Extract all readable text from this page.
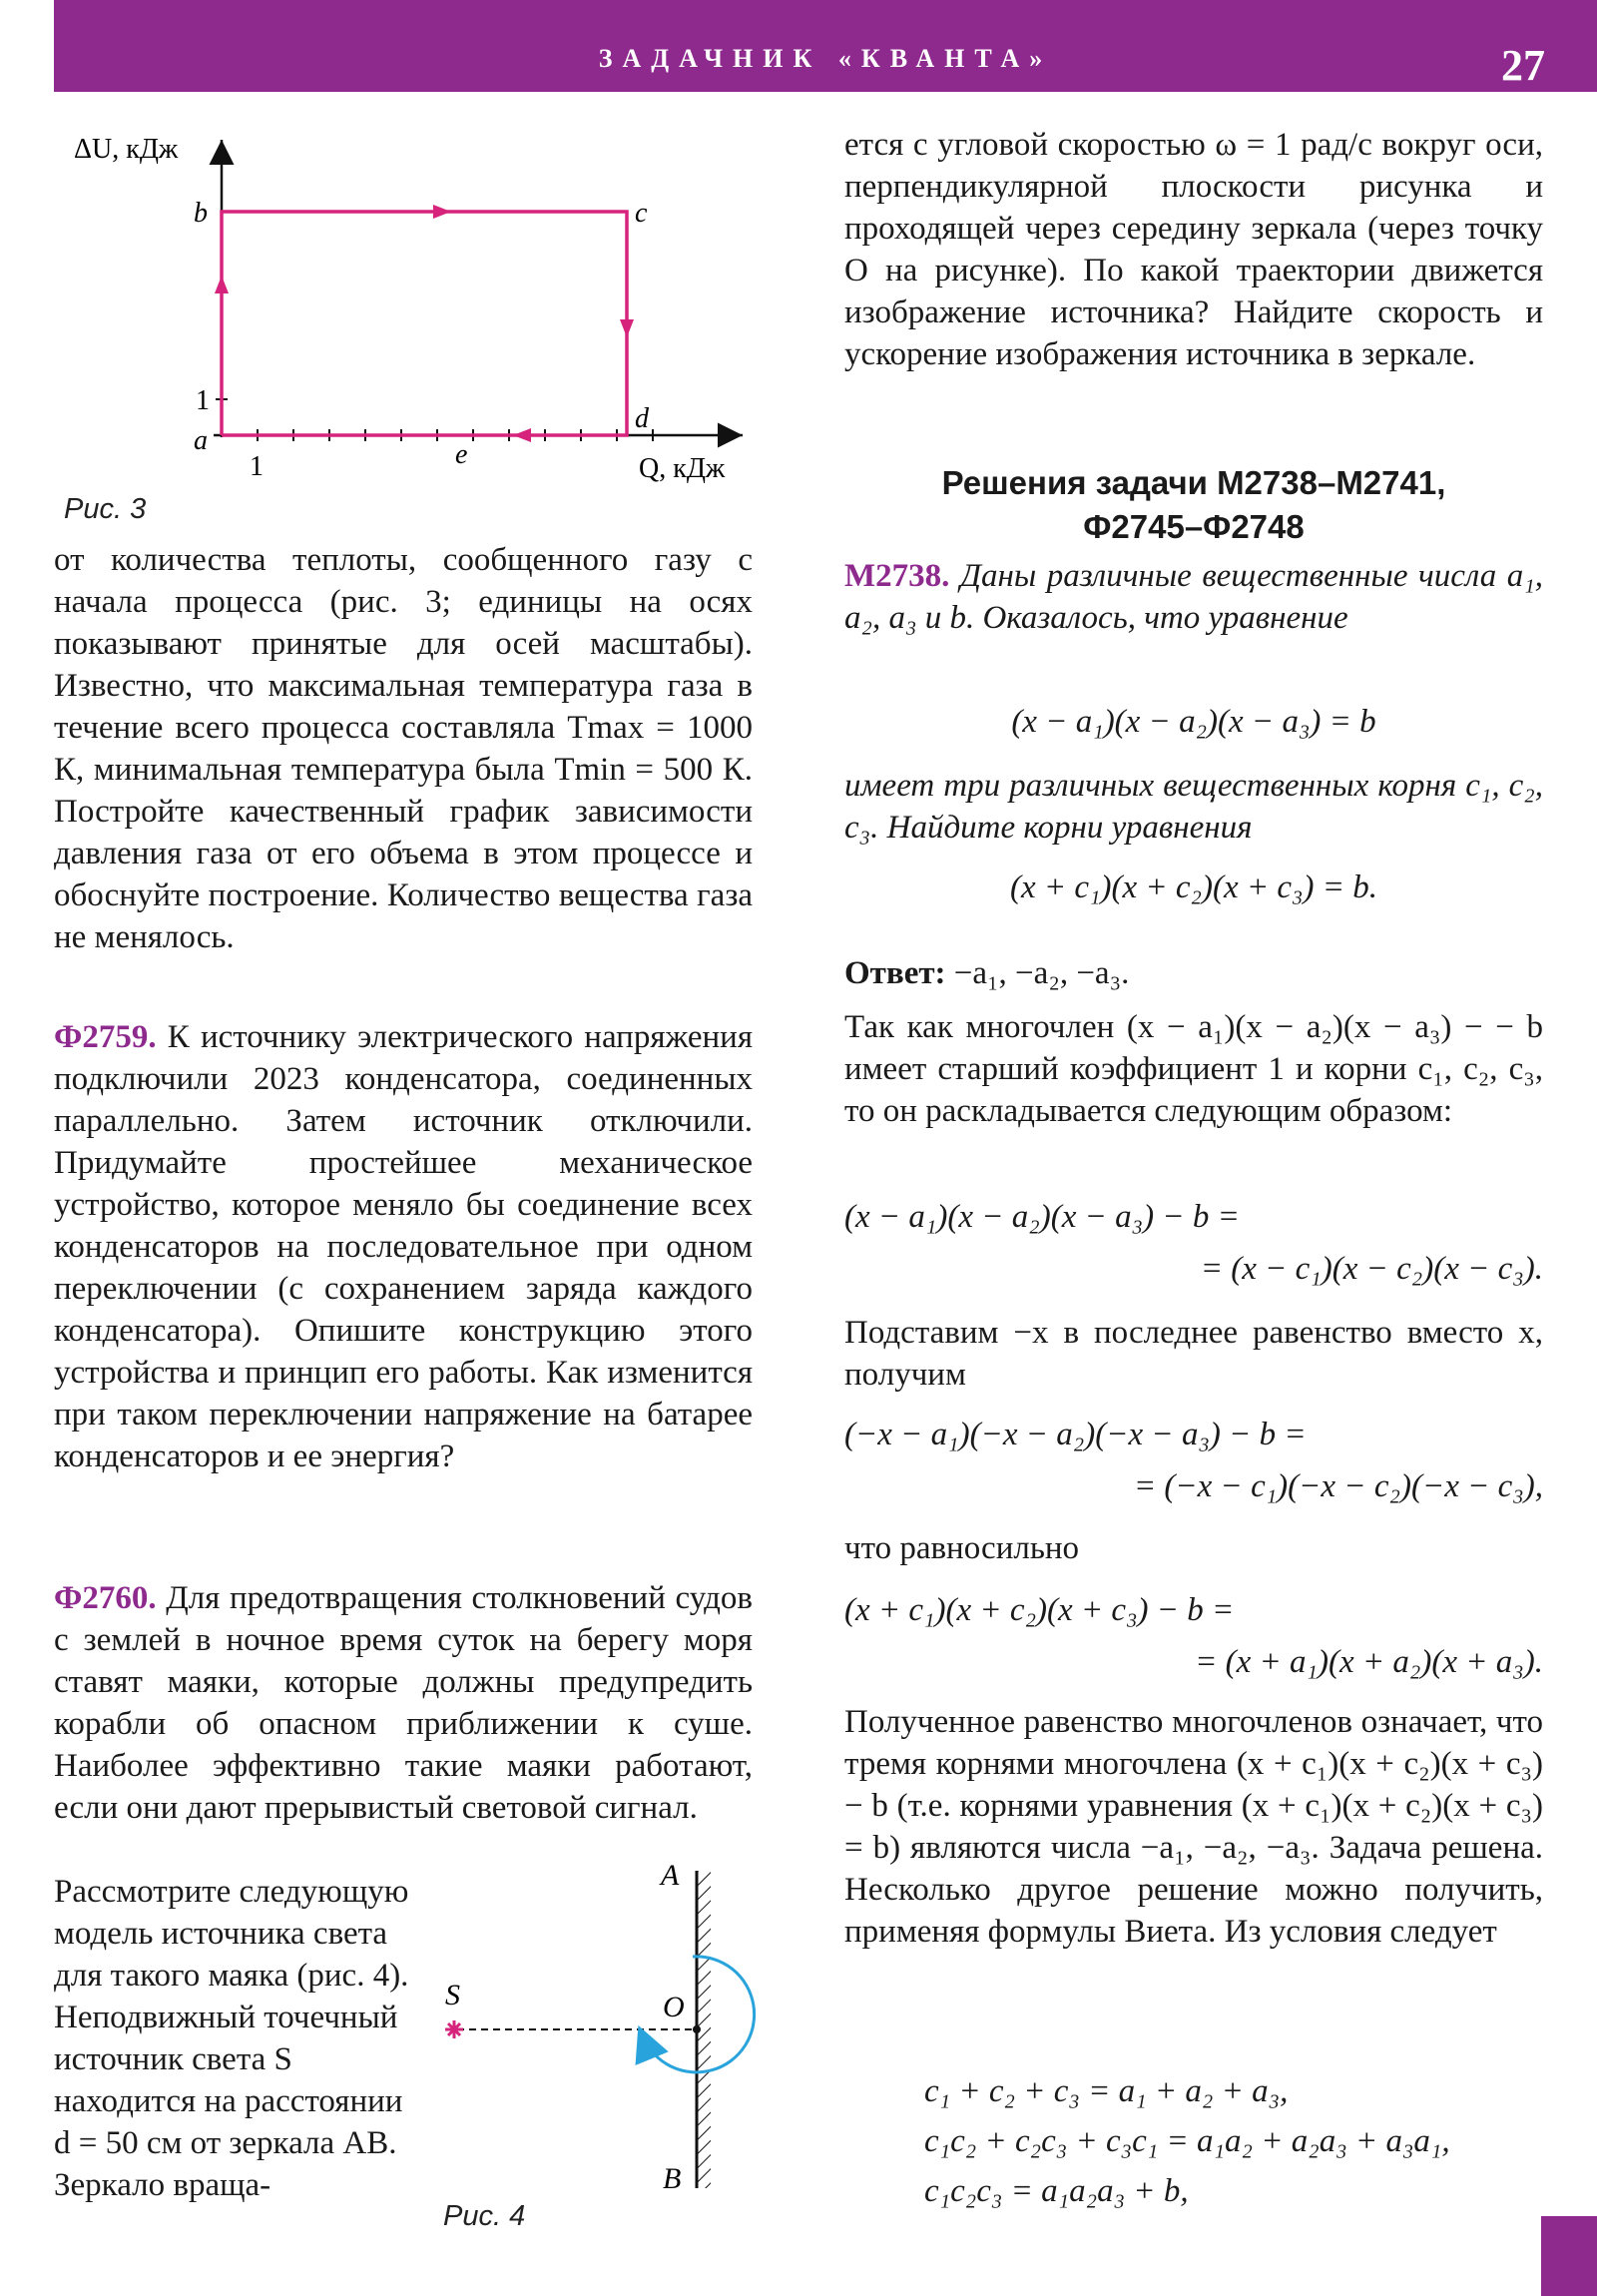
ЗАДАЧНИК «КВАНТА»	27
ΔU, кДж
Q, кДж
b	c
d
a	e
1
1

Рис. 3

от количества теплоты, сообщенного газу с начала процесса (рис. 3; единицы на осях показывают принятые для осей масштабы). Известно, что максимальная температура газа в течение всего процесса составляла Tmax = 1000 К, минимальная температура была Tmin = 500 К. Постройте качественный график зависимости давления газа от его объема в этом процессе и обоснуйте построение. Количество вещества газа не менялось.

Ф2759. К источнику электрического напряжения подключили 2023 конденсатора, соединенных параллельно. Затем источник отключили. Придумайте простейшее механическое устройство, которое меняло бы соединение всех конденсаторов на последовательное при одном переключении (с сохранением заряда каждого конденсатора). Опишите конструкцию этого устройства и принцип его работы. Как изменится при таком переключении напряжение на батарее конденсаторов и ее энергия?

Ф2760. Для предотвращения столкновений судов с землей в ночное время суток на берегу моря ставят маяки, которые должны предупредить корабли об опасном приближении к суше. Наиболее эффективно такие маяки работают, если они дают прерывистый световой сигнал.

Рассмотрите следующую модель источника света для такого маяка (рис. 4). Неподвижный точечный источник света S находится на расстоянии d = 50 см от зеркала AB. Зеркало враща-

A
B
S	O

Рис. 4

ется с угловой скоростью ω = 1 рад/с вокруг оси, перпендикулярной плоскости рисунка и проходящей через середину зеркала (через точку O на рисунке). По какой траектории движется изображение источника? Найдите скорость и ускорение изображения источника в зеркале.

Решения задачи М2738–М2741,
Ф2745–Ф2748

М2738. Даны различные вещественные числа a₁, a₂, a₃ и b. Оказалось, что уравнение

(x − a₁)(x − a₂)(x − a₃) = b

имеет три различных вещественных корня c₁, c₂, c₃. Найдите корни уравнения

(x + c₁)(x + c₂)(x + c₃) = b.

Ответ: −a₁, −a₂, −a₃.

Так как многочлен (x − a₁)(x − a₂)(x − a₃) − − b имеет старший коэффициент 1 и корни c₁, c₂, c₃, то он раскладывается следующим образом:

(x − a₁)(x − a₂)(x − a₃) − b =

= (x − c₁)(x − c₂)(x − c₃).

Подставим −x в последнее равенство вместо x, получим

(−x − a₁)(−x − a₂)(−x − a₃) − b =

= (−x − c₁)(−x − c₂)(−x − c₃),

что равносильно

(x + c₁)(x + c₂)(x + c₃) − b =

= (x + a₁)(x + a₂)(x + a₃).

Полученное равенство многочленов означает, что тремя корнями многочлена (x + c₁)(x + c₂)(x + c₃) − b (т.е. корнями уравнения (x + c₁)(x + c₂)(x + c₃) = b) являются числа −a₁, −a₂, −a₃. Задача решена. Несколько другое решение можно получить, применяя формулы Виета. Из условия следует

c₁ + c₂ + c₃ = a₁ + a₂ + a₃,

c₁c₂ + c₂c₃ + c₃c₁ = a₁a₂ + a₂a₃ + a₃a₁,

c₁c₂c₃ = a₁a₂a₃ + b,
